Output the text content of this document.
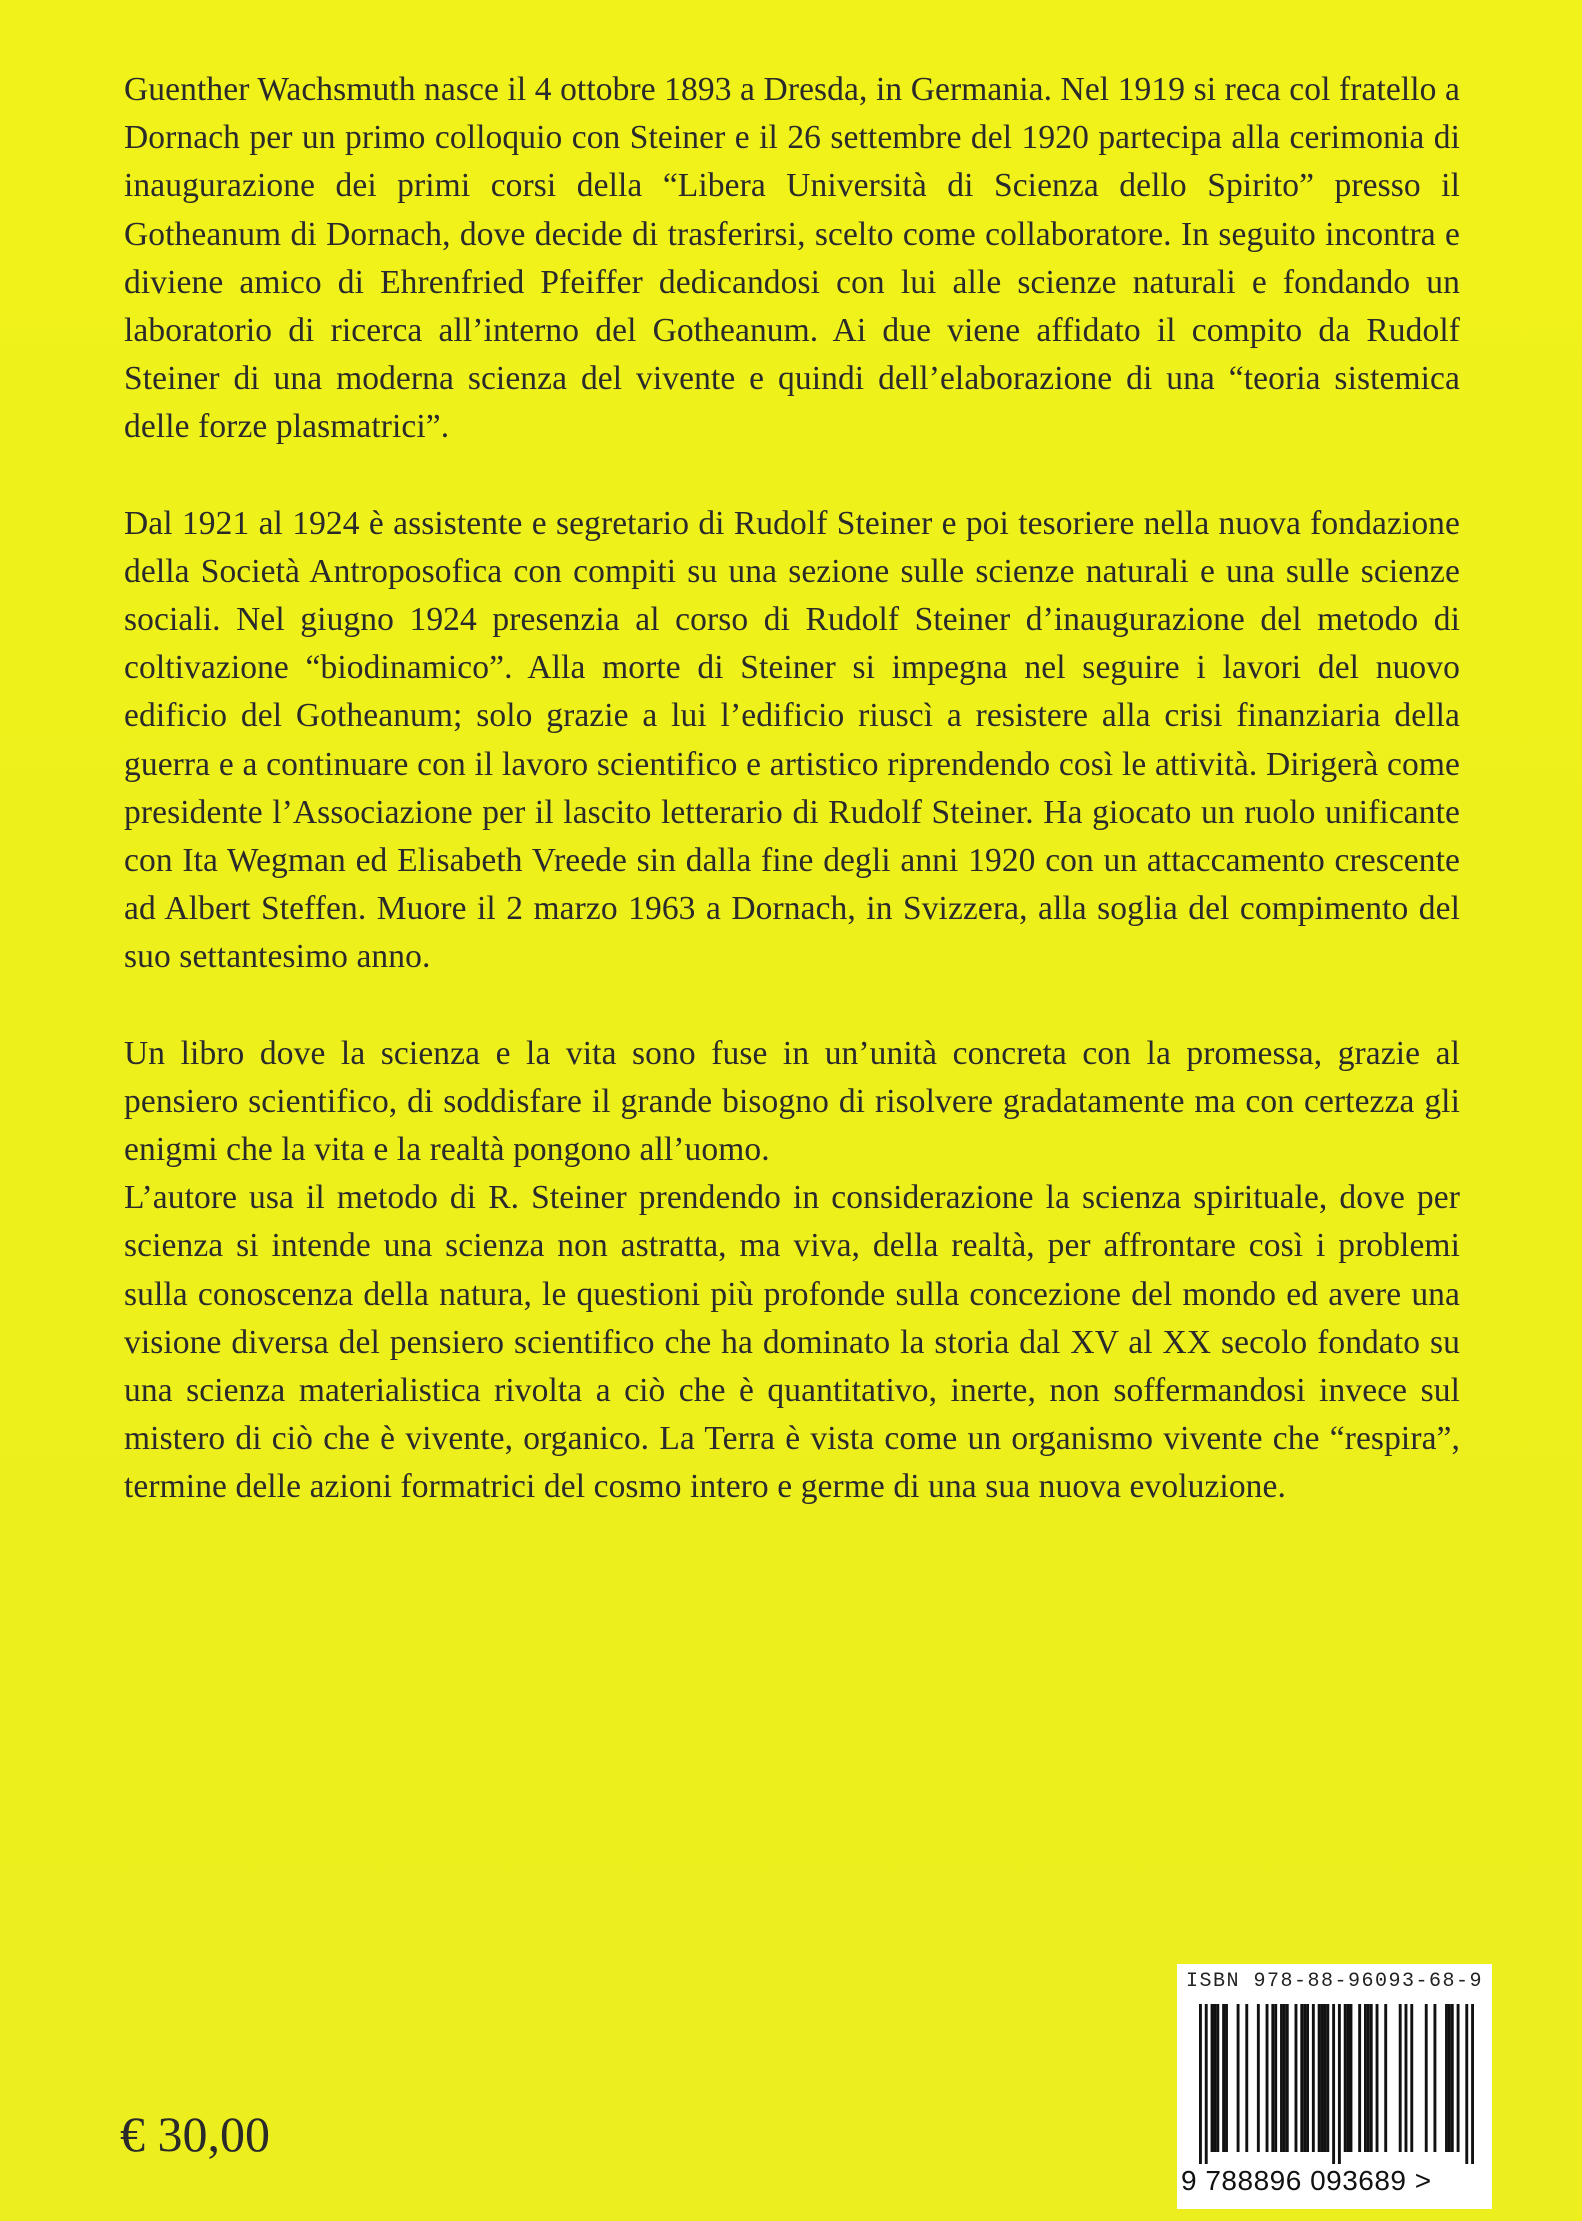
Guenther Wachsmuth nasce il 4 ottobre 1893 a Dresda, in Germania. Nel 1919 si reca col fratello a Dornach per un primo colloquio con Steiner e il 26 settembre del 1920 partecipa alla cerimonia di inaugurazione dei primi corsi della “Libera Università di Scienza dello Spirito” presso il Gotheanum di Dornach, dove decide di trasferirsi, scelto come collaboratore. In seguito incontra e diviene amico di Ehrenfried Pfeiffer dedicandosi con lui alle scienze naturali e fondando un laboratorio di ricerca all’interno del Gotheanum. Ai due viene affidato il compito da Rudolf Steiner di una moderna scienza del vivente e quindi dell’elaborazione di una “teoria sistemica delle forze plasmatrici”.

Dal 1921 al 1924 è assistente e segretario di Rudolf Steiner e poi tesoriere nella nuova fondazione della Società Antroposofica con compiti su una sezione sulle scienze naturali e una sulle scienze sociali. Nel giugno 1924 presenzia al corso di Rudolf Steiner d’inaugurazione del metodo di coltivazione “biodinamico”. Alla morte di Steiner si impegna nel seguire i lavori del nuovo edificio del Gotheanum; solo grazie a lui l’edificio riuscì a resistere alla crisi finanziaria della guerra e a continuare con il lavoro scientifico e artistico riprendendo così le attività. Dirigerà come presidente l’Associazione per il lascito letterario di Rudolf Steiner. Ha giocato un ruolo unificante con Ita Wegman ed Elisabeth Vreede sin dalla fine degli anni 1920 con un attaccamento crescente ad Albert Steffen. Muore il 2 marzo 1963 a Dornach, in Svizzera, alla soglia del compimento del suo settantesimo anno.

Un libro dove la scienza e la vita sono fuse in un’unità concreta con la promessa, grazie al pensiero scientifico, di soddisfare il grande bisogno di risolvere gradatamente ma con certezza gli enigmi che la vita e la realtà pongono all’uomo.

L’autore usa il metodo di R. Steiner prendendo in considerazione la scienza spirituale, dove per scienza si intende una scienza non astratta, ma viva, della realtà, per affrontare così i problemi sulla conoscenza della natura, le questioni più profonde sulla concezione del mondo ed avere una visione diversa del pensiero scientifico che ha dominato la storia dal XV al XX secolo fondato su una scienza materialistica rivolta a ciò che è quantitativo, inerte, non soffermandosi invece sul mistero di ciò che è vivente, organico. La Terra è vista come un organismo vivente che “respira”, termine delle azioni formatrici del cosmo intero e germe di una sua nuova evoluzione.

€ 30,00
ISBN 978-88-96093-68-9
9 788896 093689 >
